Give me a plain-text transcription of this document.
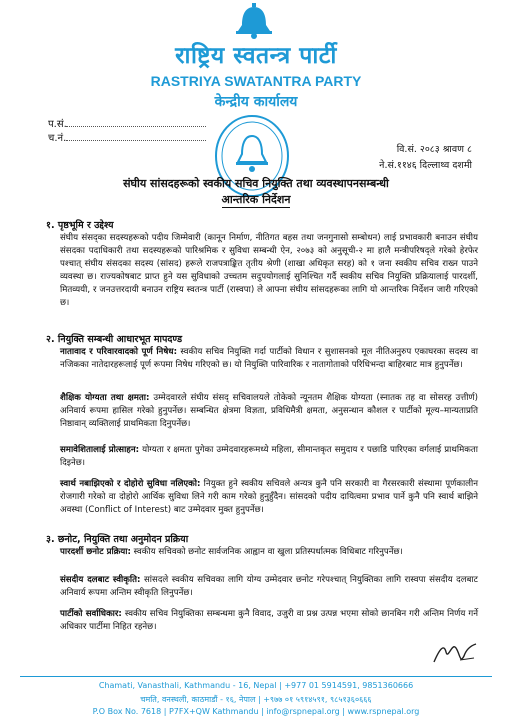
राष्ट्रिय स्वतन्त्र पार्टी
RASTRIYA SWATANTRA PARTY
केन्द्रीय कार्यालय
प.सं.
च.नं.
वि.सं. २०८३ श्रावण ८
ने.सं.११४६ दिल्लाथ्व दशमी
संघीय सांसदहरूको स्वकीय सचिव नियुक्ति तथा व्यवस्थापनसम्बन्धी
आन्तरिक निर्देशन
१. पृष्ठभूमि र उद्देश्य
संघीय संसद्का सदस्यहरूको पदीय जिम्मेवारी (कानून निर्माण, नीतिगत बहस तथा जनगुनासो सम्बोधन) लाई प्रभावकारी बनाउन संघीय संसदका पदाधिकारी तथा सदस्यहरूको पारिश्रमिक र सुविधा सम्बन्धी ऐन, २०७३ को अनुसूची-२ मा हालै मन्त्रीपरिषद्ले गरेको हेरफेर पश्चात् संघीय संसदका सदस्य (सांसद) हरूले राजपत्राङ्कित तृतीय श्रेणी (शाखा अधिकृत सरह) को १ जना स्वकीय सचिव राख्न पाउने व्यवस्था छ। राज्यकोषबाट प्राप्त हुने यस सुविधाको उच्चतम सदुपयोगलाई सुनिश्चित गर्दै स्वकीय सचिव नियुक्ति प्रक्रियालाई पारदर्शी, मितव्ययी, र जनउत्तरदायी बनाउन राष्ट्रिय स्वतन्त्र पार्टी (रास्वपा) ले आफ्ना संघीय सांसदहरूका लागि यो आन्तरिक निर्देशन जारी गरिएको छ।
२. नियुक्ति सम्बन्धी आधारभूत मापदण्ड
नातावाद र परिवारवादको पूर्ण निषेध: स्वकीय सचिव नियुक्ति गर्दा पार्टीको विधान र सुशासनको मूल नीतिअनुरुप एकाघरका सदस्य वा नजिकका नातेदारहरूलाई पूर्ण रूपमा निषेध गरिएको छ। यो नियुक्ति पारिवारिक र नातागोताको परिधिभन्दा बाहिरबाट मात्र हुनुपर्नेछ।
शैक्षिक योग्यता तथा क्षमता: उम्मेदवारले संघीय संसद् सचिवालयले तोकेको न्यूनतम शैक्षिक योग्यता (स्नातक तह वा सोसरह उत्तीर्ण) अनिवार्य रूपमा हासिल गरेको हुनुपर्नेछ। सम्बन्धित क्षेत्रमा विज्ञता, प्रविधिमैत्री क्षमता, अनुसन्धान कौशल र पार्टीको मूल्य–मान्यताप्रति निष्ठावान् व्यक्तिलाई प्राथमिकता दिनुपर्नेछ।
समावेशितालाई प्रोत्साहन: योग्यता र क्षमता पुगेका उम्मेदवारहरूमध्ये महिला, सीमान्तकृत समुदाय र पछाडि पारिएका वर्गलाई प्राथमिकता दिइनेछ।
स्वार्थ नबाझिएको र दोहोरो सुविधा नलिएको: नियुक्त हुने स्वकीय सचिवले अन्यत्र कुनै पनि सरकारी वा गैरसरकारी संस्थामा पूर्णकालीन रोजगारी गरेको वा दोहोरो आर्थिक सुविधा लिने गरी काम गरेको हुनुहुँदैन। सांसदको पदीय दायित्वमा प्रभाव पार्ने कुनै पनि स्वार्थ बाझिने अवस्था (Conflict of Interest) बाट उम्मेदवार मुक्त हुनुपर्नेछ।
३. छनोट, नियुक्ति तथा अनुमोदन प्रक्रिया
पारदर्शी छनोट प्रक्रिया: स्वकीय सचिवको छनोट सार्वजनिक आह्वान वा खुला प्रतिस्पर्धात्मक विधिबाट गरिनुपर्नेछ।
संसदीय दलबाट स्वीकृति: सांसदले स्वकीय सचिवका लागि योग्य उम्मेदवार छनोट गरेपश्चात् नियुक्तिका लागि रास्वपा संसदीय दलबाट अनिवार्य रूपमा अन्तिम स्वीकृति लिनुपर्नेछ।
पार्टीको सर्वाधिकार: स्वकीय सचिव नियुक्तिका सम्बन्धमा कुनै विवाद, उजुरी वा प्रश्न उत्पन्न भएमा सोको छानबिन गरी अन्तिम निर्णय गर्ने अधिकार पार्टीमा निहित रहनेछ।
Chamati, Vanasthali, Kathmandu - 16, Nepal | +977 01 5914591, 9851360666
चमति, वनस्थली, काठमाडौं - १६, नेपाल | +९७७ ०१ ५९१४५९१, ९८५१३६०६६६
P.O Box No. 7618 | P7FX+QW Kathmandu | info@rspnepal.org | www.rspnepal.org
